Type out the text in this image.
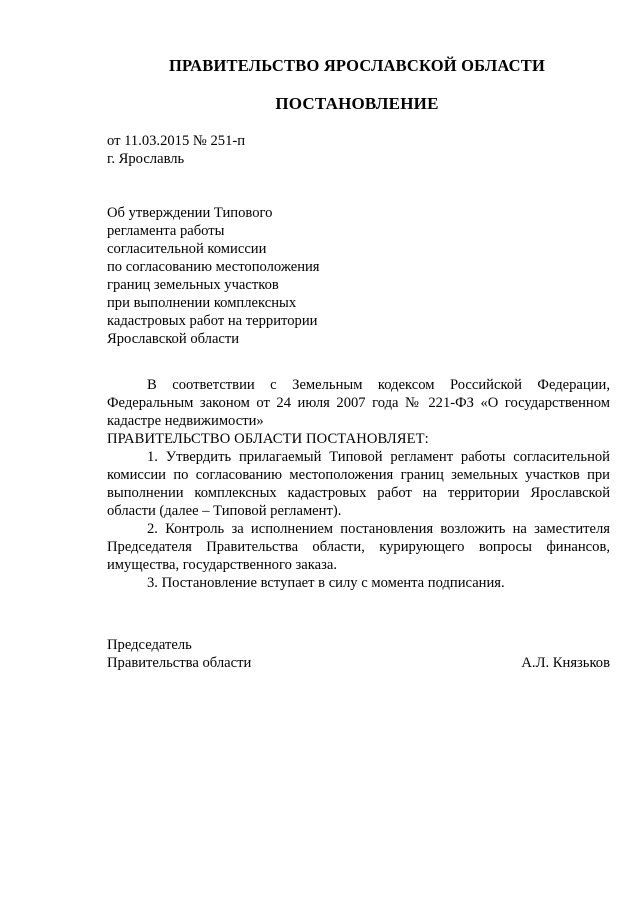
ПРАВИТЕЛЬСТВО ЯРОСЛАВСКОЙ ОБЛАСТИ
ПОСТАНОВЛЕНИЕ
от 11.03.2015 № 251-п
г. Ярославль
Об утверждении Типового
регламента работы
согласительной комиссии
по согласованию местоположения
границ земельных участков
при выполнении комплексных
кадастровых работ на территории
Ярославской области

В соответствии с Земельным кодексом Российской Федерации, Федеральным законом от 24 июля 2007 года № 221-ФЗ «О государственном кадастре недвижимости»

ПРАВИТЕЛЬСТВО ОБЛАСТИ ПОСТАНОВЛЯЕТ:

1. Утвердить прилагаемый Типовой регламент работы согласительной комиссии по согласованию местоположения границ земельных участков при выполнении комплексных кадастровых работ на территории Ярославской области (далее – Типовой регламент).

2. Контроль за исполнением постановления возложить на заместителя Председателя Правительства области, курирующего вопросы финансов, имущества, государственного заказа.

3. Постановление вступает в силу с момента подписания.

Председатель
Правительства области	А.Л. Князьков
